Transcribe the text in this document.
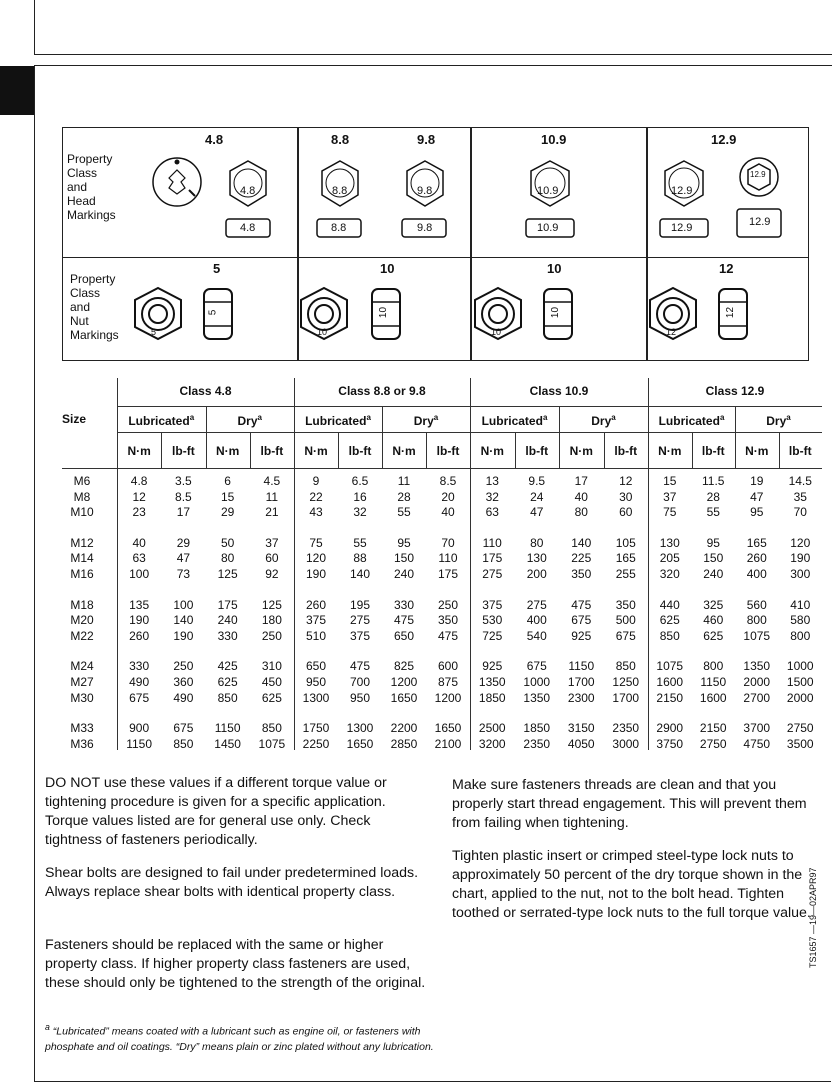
Property
Class
and
Head
Markings
4.8	8.8	9.8	10.9	12.9
4.8	8.8	9.8	10.9	12.9
12.9
4.8	8.8	9.8	10.9	12.9	12.9
Property
Class
and
Nut
Markings
5	10	10	12
5
5
10
10
10
10
12
12
Size
Class 4.8	Class 8.8 or 9.8	Class 10.9	Class 12.9
Lubricated$^a$	Dry$^a$
N·m	lb-ft	N·m	lb-ft
Lubricated$^a$	Dry$^a$
N·m	lb-ft	N·m	lb-ft
Lubricated$^a$	Dry$^a$
N·m	lb-ft	N·m	lb-ft
Lubricated$^a$	Dry$^a$
N·m	lb-ft	N·m	lb-ft
M6	4.8	3.5	6	4.5	9	6.5	11	8.5	13	9.5	17	12	15	11.5	19	14.5
M8	12	8.5	15	11	22	16	28	20	32	24	40	30	37	28	47	35
M10	23	17	29	21	43	32	55	40	63	47	80	60	75	55	95	70
M12	40	29	50	37	75	55	95	70	110	80	140	105	130	95	165	120
M14	63	47	80	60	120	88	150	110	175	130	225	165	205	150	260	190
M16	100	73	125	92	190	140	240	175	275	200	350	255	320	240	400	300
M18	135	100	175	125	260	195	330	250	375	275	475	350	440	325	560	410
M20	190	140	240	180	375	275	475	350	530	400	675	500	625	460	800	580
M22	260	190	330	250	510	375	650	475	725	540	925	675	850	625	1075	800
M24	330	250	425	310	650	475	825	600	925	675	1150	850	1075	800	1350	1000
M27	490	360	625	450	950	700	1200	875	1350	1000	1700	1250	1600	1150	2000	1500
M30	675	490	850	625	1300	950	1650	1200	1850	1350	2300	1700	2150	1600	2700	2000
M33	900	675	1150	850	1750	1300	2200	1650	2500	1850	3150	2350	2900	2150	3700	2750
M36	1150	850	1450	1075	2250	1650	2850	2100	3200	2350	4050	3000	3750	2750	4750	3500
DO NOT use these values if a different torque value or tightening procedure is given for a specific application. Torque values listed are for general use only. Check tightness of fasteners periodically.
Shear bolts are designed to fail under predetermined loads. Always replace shear bolts with identical property class.
Fasteners should be replaced with the same or higher property class. If higher property class fasteners are used, these should only be tightened to the strength of the original.
Make sure fasteners threads are clean and that you properly start thread engagement. This will prevent them from failing when tightening.
Tighten plastic insert or crimped steel-type lock nuts to approximately 50 percent of the dry torque shown in the chart, applied to the nut, not to the bolt head. Tighten toothed or serrated-type lock nuts to the full torque value.
$^a$ “Lubricated” means coated with a lubricant such as engine oil, or fasteners with phosphate and oil coatings. “Dry” means plain or zinc plated without any lubrication.
TS1657 —19—02APR97
